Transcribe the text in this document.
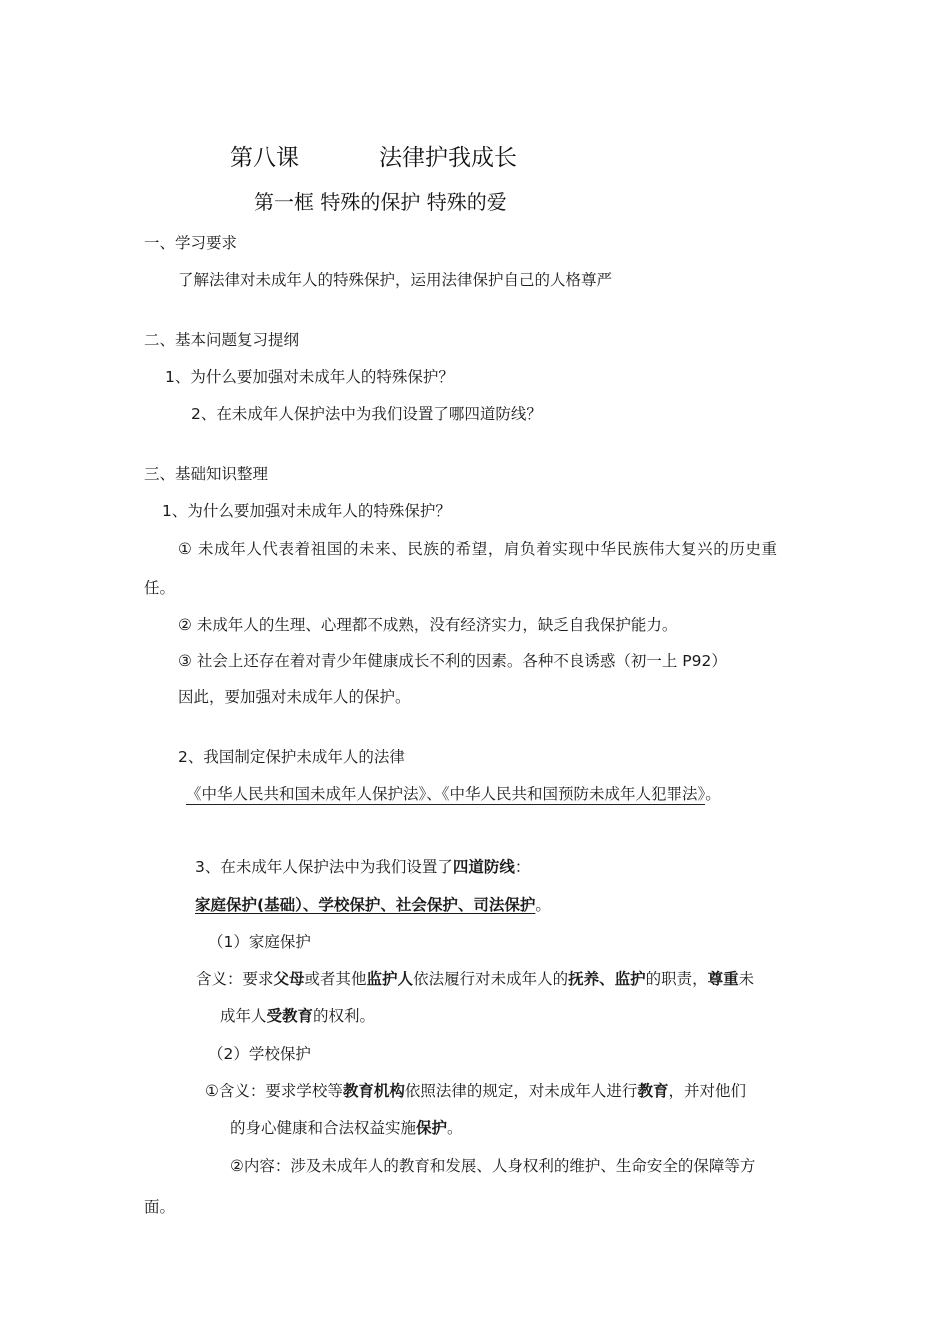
第八课	法律护我成长
第一框 特殊的保护 特殊的爱
一、学习要求
了解法律对未成年人的特殊保护，运用法律保护自己的人格尊严
二、基本问题复习提纲
1、为什么要加强对未成年人的特殊保护？
2、在未成年人保护法中为我们设置了哪四道防线？
三、基础知识整理
1、为什么要加强对未成年人的特殊保护？
① 未成年人代表着祖国的未来、民族的希望，肩负着实现中华民族伟大复兴的历史重
任。
② 未成年人的生理、心理都不成熟，没有经济实力，缺乏自我保护能力。
③ 社会上还存在着对青少年健康成长不利的因素。各种不良诱惑（初一上 P92）
因此，要加强对未成年人的保护。
2、我国制定保护未成年人的法律
《中华人民共和国未成年人保护法》、《中华人民共和国预防未成年人犯罪法》。
3、在未成年人保护法中为我们设置了四道防线：
家庭保护(基础）、学校保护、社会保护、司法保护。
（1）家庭保护
含义：要求父母或者其他监护人依法履行对未成年人的抚养、监护的职责，尊重未
成年人受教育的权利。
（2）学校保护
①含义：要求学校等教育机构依照法律的规定，对未成年人进行教育，并对他们
的身心健康和合法权益实施保护。
②内容：涉及未成年人的教育和发展、人身权利的维护、生命安全的保障等方
面。
